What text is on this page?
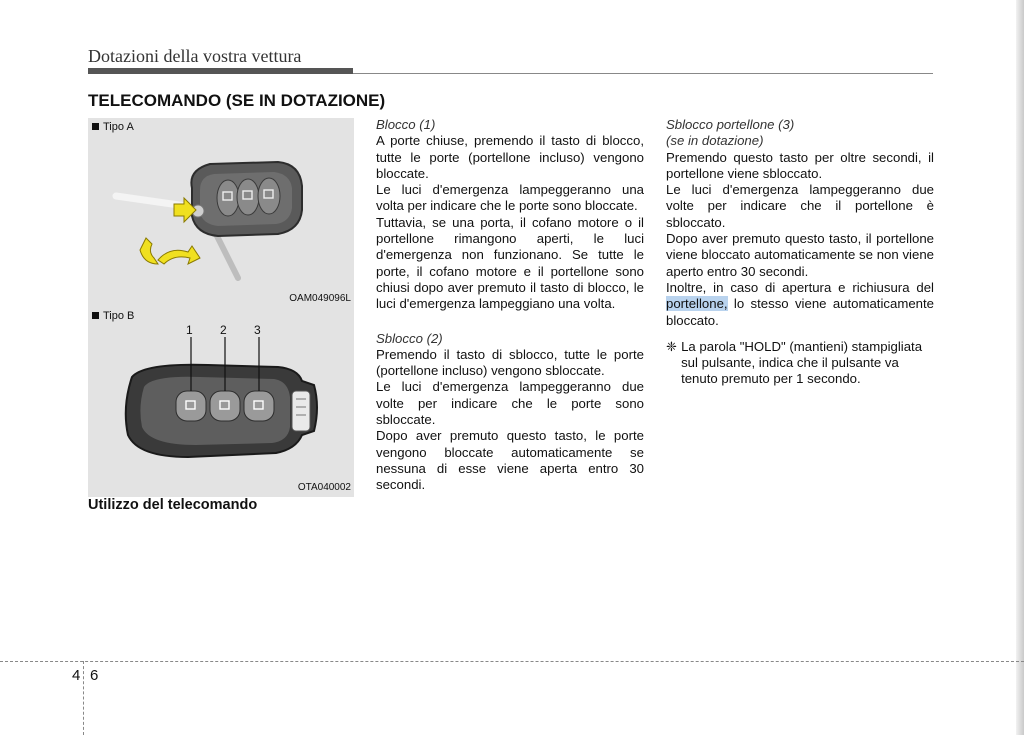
Dotazioni della vostra vettura
TELECOMANDO (SE IN DOTAZIONE)
Tipo A
OAM049096L
Tipo B
1 2 3
OTA040002
Utilizzo del telecomando

Blocco (1)

A porte chiuse, premendo il tasto di blocco, tutte le porte (portellone incluso) vengono bloccate.

Le luci d'emergenza lampeggeranno una volta per indicare che le porte sono bloccate.

Tuttavia, se una porta, il cofano motore o il portellone rimangono aperti, le luci d'emergenza non funzionano. Se tutte le porte, il cofano motore e il portellone sono chiusi dopo aver premuto il tasto di blocco, le luci d'emergenza lampeggiano una volta.

Sblocco (2)

Premendo il tasto di sblocco, tutte le porte (portellone incluso) vengono sbloccate.

Le luci d'emergenza lampeggeranno due volte per indicare che le porte sono sbloccate.

Dopo aver premuto questo tasto, le porte vengono bloccate automaticamente se nessuna di esse viene aperta entro 30 secondi.

Sblocco portellone (3)

(se in dotazione)

Premendo questo tasto per oltre secondi, il portellone viene sbloccato.

Le luci d'emergenza lampeggeranno due volte per indicare che il portellone è sbloccato.

Dopo aver premuto questo tasto, il portellone viene bloccato automaticamente se non viene aperto entro 30 secondi.

Inoltre, in caso di apertura e richiusura del portellone, lo stesso viene automaticamente bloccato.

❈ La parola "HOLD" (mantieni) stampigliata sul pulsante, indica che il pulsante va tenuto premuto per 1 secondo.
4 6
